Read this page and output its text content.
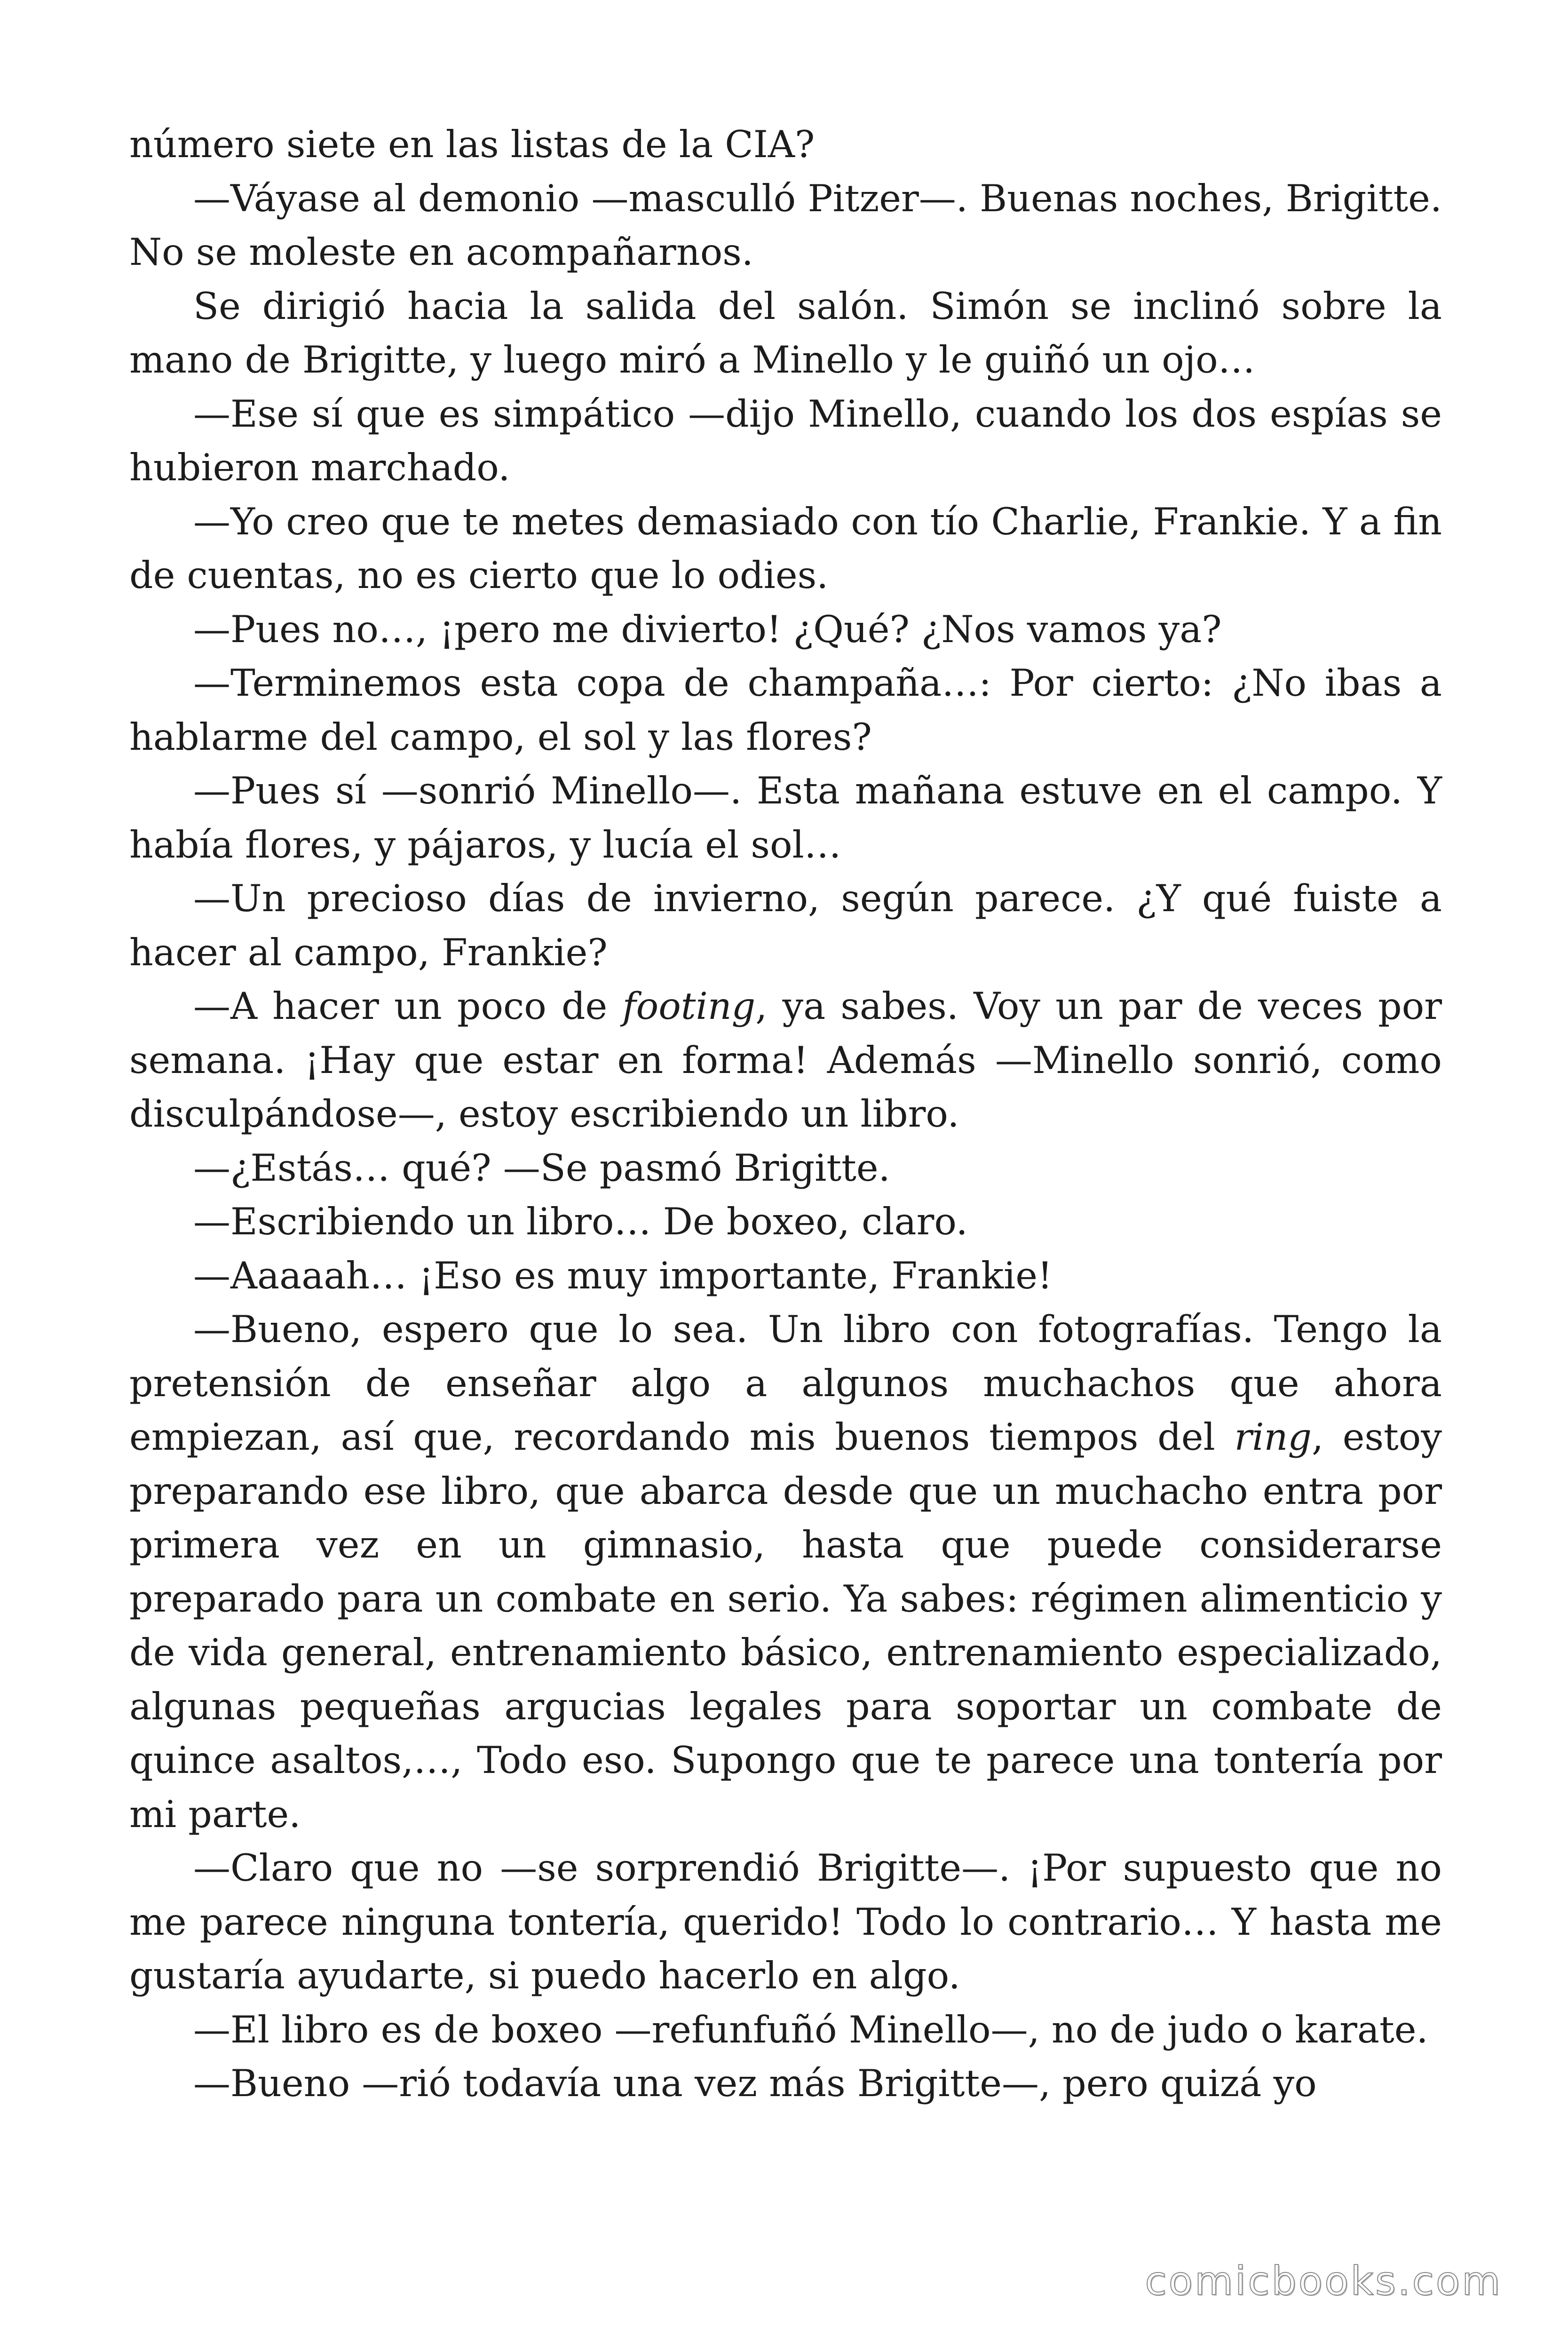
número siete en las listas de la CIA?

—Váyase al demonio —masculló Pitzer—. Buenas noches, Brigitte. No se moleste en acompañarnos.

Se dirigió hacia la salida del salón. Simón se inclinó sobre la mano de Brigitte, y luego miró a Minello y le guiñó un ojo…

—Ese sí que es simpático —dijo Minello, cuando los dos espías se hubieron marchado.

—Yo creo que te metes demasiado con tío Charlie, Frankie. Y a fin de cuentas, no es cierto que lo odies.

—Pues no…, ¡pero me divierto! ¿Qué? ¿Nos vamos ya?

—Terminemos esta copa de champaña…: Por cierto: ¿No ibas a hablarme del campo, el sol y las flores?

—Pues sí —sonrió Minello—. Esta mañana estuve en el campo. Y había flores, y pájaros, y lucía el sol…

—Un precioso días de invierno, según parece. ¿Y qué fuiste a hacer al campo, Frankie?

—A hacer un poco de footing, ya sabes. Voy un par de veces por semana. ¡Hay que estar en forma! Además —Minello sonrió, como disculpándose—, estoy escribiendo un libro.

—¿Estás… qué? —Se pasmó Brigitte.

—Escribiendo un libro… De boxeo, claro.

—Aaaaah… ¡Eso es muy importante, Frankie!

—Bueno, espero que lo sea. Un libro con fotografías. Tengo la pretensión de enseñar algo a algunos muchachos que ahora empiezan, así que, recordando mis buenos tiempos del ring, estoy preparando ese libro, que abarca desde que un muchacho entra por primera vez en un gimnasio, hasta que puede considerarse preparado para un combate en serio. Ya sabes: régimen alimenticio y de vida general, entrenamiento básico, entrenamiento especializado, algunas pequeñas argucias legales para soportar un combate de quince asaltos,…, Todo eso. Supongo que te parece una tontería por mi parte.

—Claro que no —se sorprendió Brigitte—. ¡Por supuesto que no me parece ninguna tontería, querido! Todo lo contrario… Y hasta me gustaría ayudarte, si puedo hacerlo en algo.

—El libro es de boxeo —refunfuñó Minello—, no de judo o karate.

—Bueno —rió todavía una vez más Brigitte—, pero quizá yo

comicbooks.com
